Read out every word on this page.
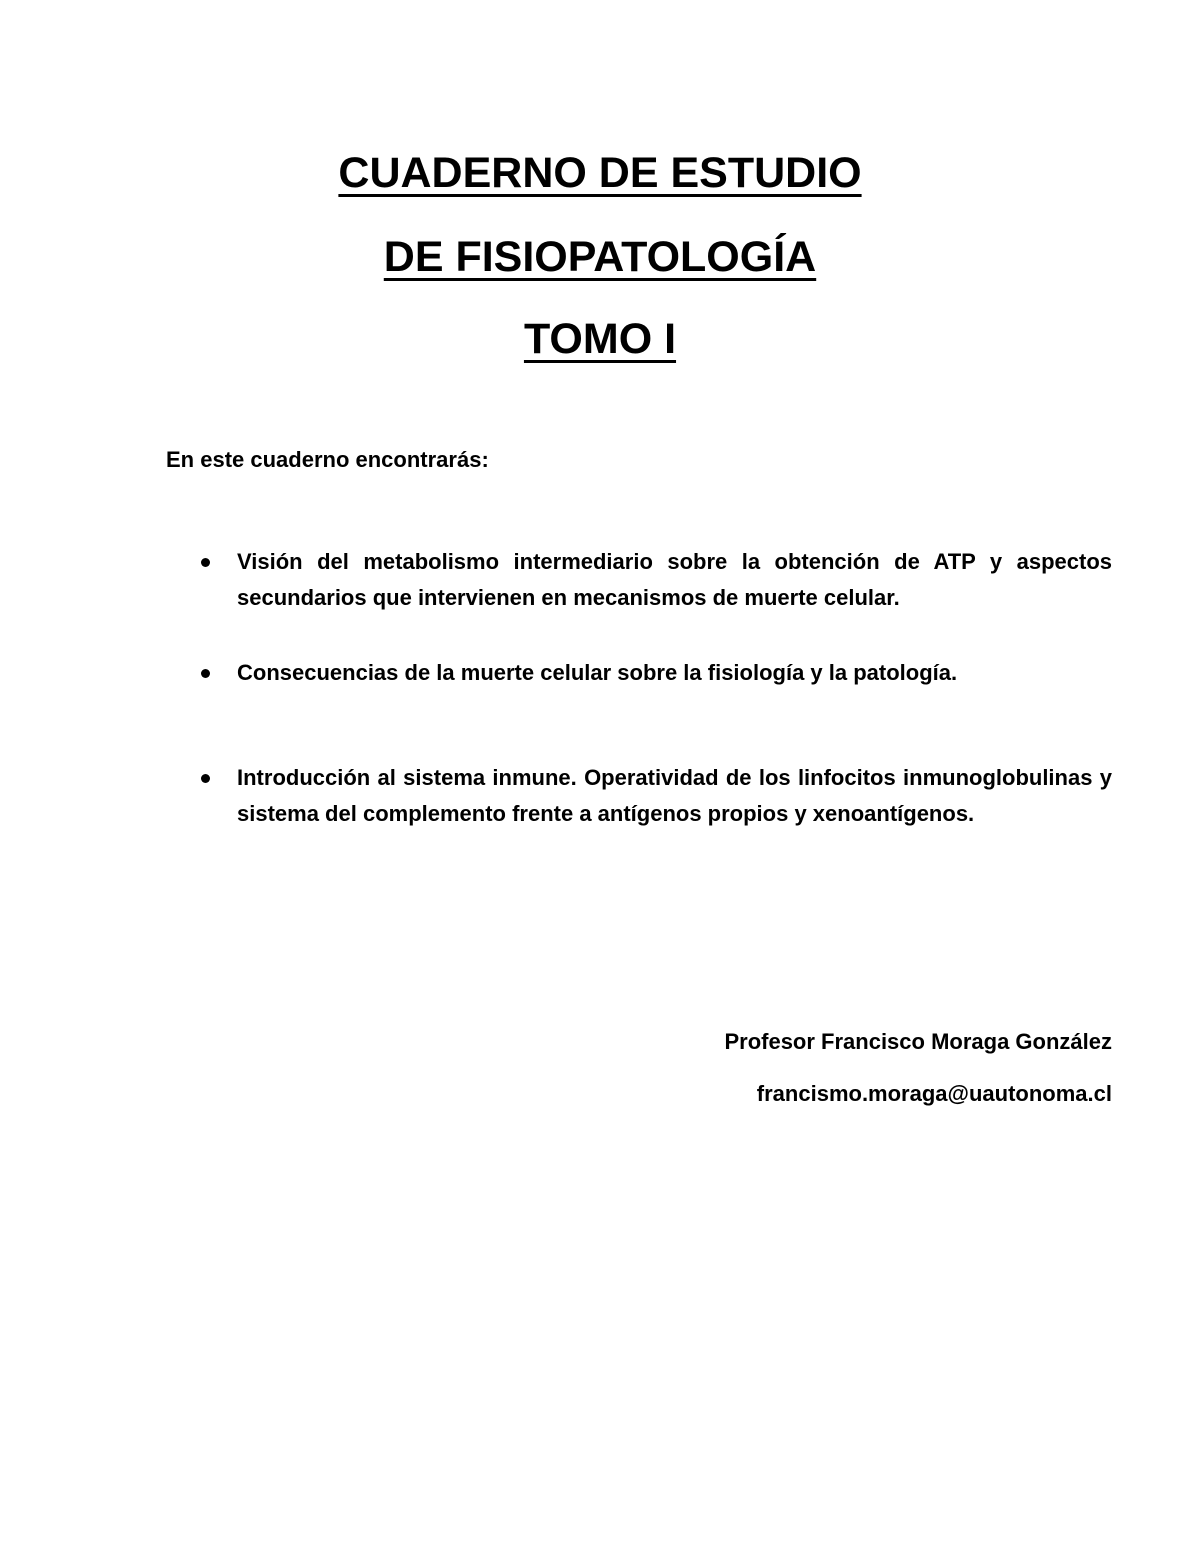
CUADERNO DE ESTUDIO
DE FISIOPATOLOGÍA
TOMO I
En este cuaderno encontrarás:
Visión del metabolismo intermediario sobre la obtención de ATP y aspectos secundarios que intervienen en mecanismos de muerte celular.
Consecuencias de la muerte celular sobre la fisiología y la patología.
Introducción al sistema inmune. Operatividad de los linfocitos inmunoglobulinas y sistema del complemento frente a antígenos propios y xenoantígenos.
Profesor Francisco Moraga González
francismo.moraga@uautonoma.cl
